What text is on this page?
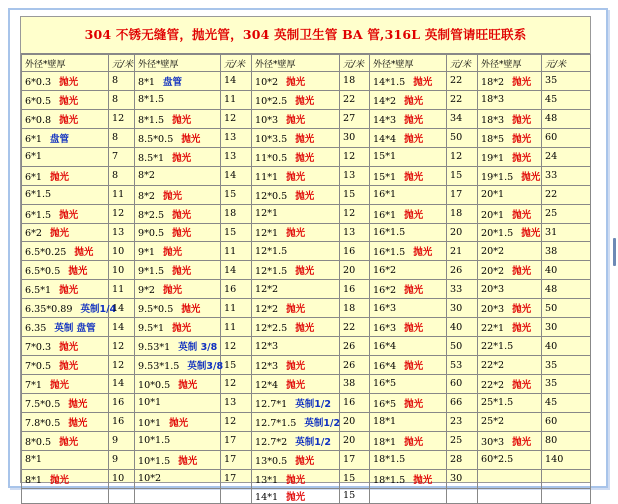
304 不锈无缝管，抛光管，304 英制卫生管 BA 管,316L 英制管请旺旺联系
外径*壁厚	元/米	外径*壁厚	元/米	外径*壁厚	元/米	外径*壁厚	元/米	外径*壁厚	元/米
6*0.3 抛光	8	8*1 盘管	14	10*2 抛光	18	14*1.5 抛光	22	18*2 抛光	35
6*0.5 抛光	8	8*1.5	11	10*2.5 抛光	22	14*2 抛光	22	18*3	45
6*0.8 抛光	12	8*1.5 抛光	12	10*3 抛光	27	14*3 抛光	34	18*3 抛光	48
6*1 盘管	8	8.5*0.5 抛光	13	10*3.5 抛光	30	14*4 抛光	50	18*5 抛光	60
6*1	7	8.5*1 抛光	13	11*0.5 抛光	12	15*1	12	19*1 抛光	24
6*1 抛光	8	8*2	14	11*1 抛光	13	15*1 抛光	15	19*1.5 抛光	33
6*1.5	11	8*2 抛光	15	12*0.5 抛光	15	16*1	17	20*1	22
6*1.5 抛光	12	8*2.5 抛光	18	12*1	12	16*1 抛光	18	20*1 抛光	25
6*2 抛光	13	9*0.5 抛光	15	12*1 抛光	13	16*1.5	20	20*1.5 抛光	31
6.5*0.25 抛光	10	9*1 抛光	11	12*1.5	16	16*1.5 抛光	21	20*2	38
6.5*0.5 抛光	10	9*1.5 抛光	14	12*1.5 抛光	20	16*2	26	20*2 抛光	40
6.5*1 抛光	11	9*2 抛光	16	12*2	16	16*2 抛光	33	20*3	48
6.35*0.89 英制1/4	14	9.5*0.5 抛光	11	12*2 抛光	18	16*3	30	20*3 抛光	50
6.35 英制 盘管	14	9.5*1 抛光	11	12*2.5 抛光	22	16*3 抛光	40	22*1 抛光	30
7*0.3 抛光	12	9.53*1 英制 3/8	12	12*3	26	16*4	50	22*1.5	40
7*0.5 抛光	12	9.53*1.5 英制3/8	15	12*3 抛光	26	16*4 抛光	53	22*2	35
7*1 抛光	14	10*0.5 抛光	12	12*4 抛光	38	16*5	60	22*2 抛光	35
7.5*0.5 抛光	16	10*1	13	12.7*1 英制1/2	16	16*5 抛光	66	25*1.5	45
7.8*0.5 抛光	16	10*1 抛光	12	12.7*1.5 英制1/2	20	18*1	23	25*2	60
8*0.5 抛光	9	10*1.5	17	12.7*2 英制1/2	20	18*1 抛光	25	30*3 抛光	80
8*1	9	10*1.5 抛光	17	13*0.5 抛光	17	18*1.5	28	60*2.5	140
8*1 抛光	10	10*2	17	13*1 抛光	15	18*1.5 抛光	30		
				14*1 抛光	15				
